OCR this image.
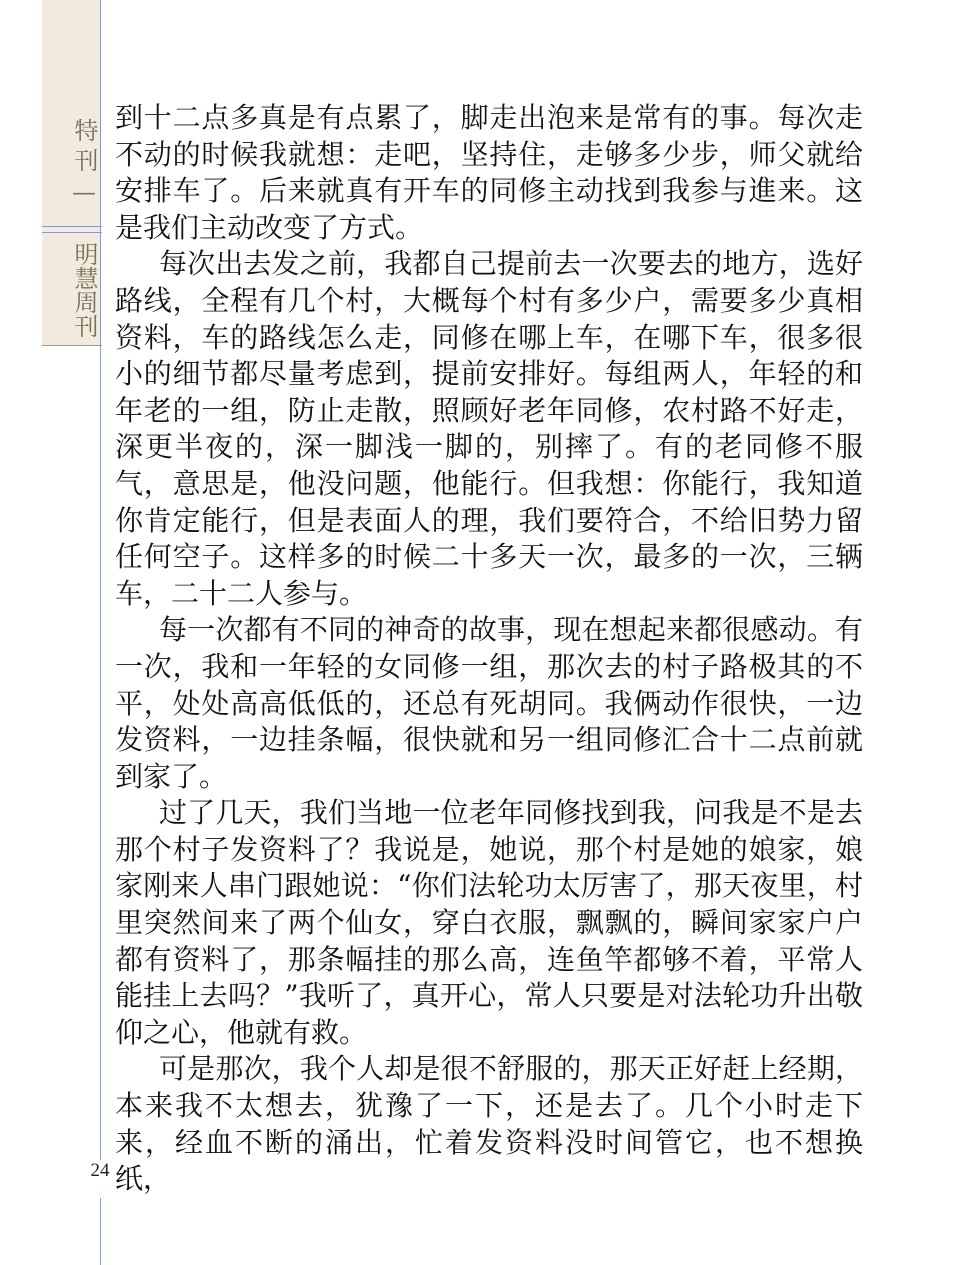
特刊—
明慧周刊
24

到十二点多真是有点累了，脚走出泡来是常有的事。每次走不动的时候我就想：走吧，坚持住，走够多少步，师父就给安排车了。后来就真有开车的同修主动找到我参与進来。这是我们主动改变了方式。

每次出去发之前，我都自己提前去一次要去的地方，选好路线，全程有几个村，大概每个村有多少户，需要多少真相资料，车的路线怎么走，同修在哪上车，在哪下车，很多很小的细节都尽量考虑到，提前安排好。每组两人，年轻的和年老的一组，防止走散，照顾好老年同修，农村路不好走，深更半夜的，深一脚浅一脚的，别摔了。有的老同修不服气，意思是，他没问题，他能行。但我想：你能行，我知道你肯定能行，但是表面人的理，我们要符合，不给旧势力留任何空子。这样多的时候二十多天一次，最多的一次，三辆车，二十二人参与。

每一次都有不同的神奇的故事，现在想起来都很感动。有一次，我和一年轻的女同修一组，那次去的村子路极其的不平，处处高高低低的，还总有死胡同。我俩动作很快，一边发资料，一边挂条幅，很快就和另一组同修汇合十二点前就到家了。

过了几天，我们当地一位老年同修找到我，问我是不是去那个村子发资料了？我说是，她说，那个村是她的娘家，娘家刚来人串门跟她说：“你们法轮功太厉害了，那天夜里，村里突然间来了两个仙女，穿白衣服，飘飘的，瞬间家家户户都有资料了，那条幅挂的那么高，连鱼竿都够不着，平常人能挂上去吗？”我听了，真开心，常人只要是对法轮功升出敬仰之心，他就有救。

可是那次，我个人却是很不舒服的，那天正好赶上经期，本来我不太想去，犹豫了一下，还是去了。几个小时走下来，经血不断的涌出，忙着发资料没时间管它，也不想换纸，
